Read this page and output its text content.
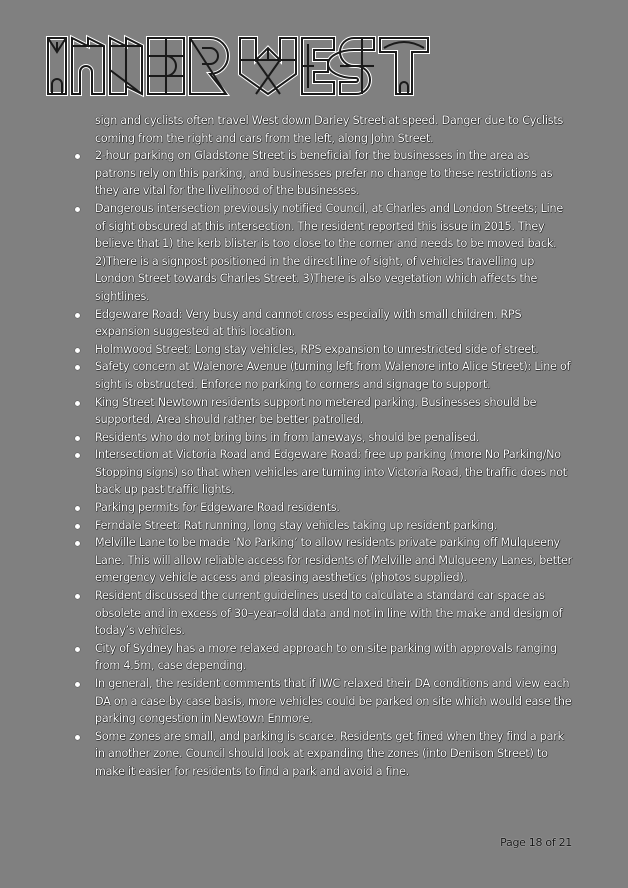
sign and cyclists often travel West down Darley Street at speed. Danger due to Cyclists coming from the right and cars from the left, along John Street.

2-hour parking on Gladstone Street is beneficial for the businesses in the area as patrons rely on this parking, and businesses prefer no change to these restrictions as they are vital for the livelihood of the businesses.
Dangerous intersection previously notified Council, at Charles and London Streets; Line of sight obscured at this intersection. The resident reported this issue in 2015. They believe that 1) the kerb blister is too close to the corner and needs to be moved back. 2)There is a signpost positioned in the direct line of sight, of vehicles travelling up London Street towards Charles Street. 3)There is also vegetation which affects the sightlines.
Edgeware Road: Very busy and cannot cross especially with small children. RPS expansion suggested at this location.
Holmwood Street: Long stay vehicles, RPS expansion to unrestricted side of street.
Safety concern at Walenore Avenue (turning left from Walenore into Alice Street): Line of sight is obstructed. Enforce no parking to corners and signage to support.
King Street Newtown residents support no metered parking. Businesses should be supported. Area should rather be better patrolled.
Residents who do not bring bins in from laneways, should be penalised.
Intersection at Victoria Road and Edgeware Road: free up parking (more No Parking/No Stopping signs) so that when vehicles are turning into Victoria Road, the traffic does not back up past traffic lights.
Parking permits for Edgeware Road residents.
Ferndale Street: Rat running, long stay vehicles taking up resident parking.
Melville Lane to be made ‘No Parking’ to allow residents private parking off Mulqueeny Lane. This will allow reliable access for residents of Melville and Mulqueeny Lanes, better emergency vehicle access and pleasing aesthetics (photos supplied).
Resident discussed the current guidelines used to calculate a standard car space as obsolete and in excess of 30–year–old data and not in line with the make and design of today’s vehicles.
City of Sydney has a more relaxed approach to on-site parking with approvals ranging from 4.5m, case depending.
In general, the resident comments that if IWC relaxed their DA conditions and view each DA on a case-by-case basis, more vehicles could be parked on site which would ease the parking congestion in Newtown Enmore.
Some zones are small, and parking is scarce. Residents get fined when they find a park in another zone. Council should look at expanding the zones (into Denison Street) to make it easier for residents to find a park and avoid a fine.
Page 18 of 21
